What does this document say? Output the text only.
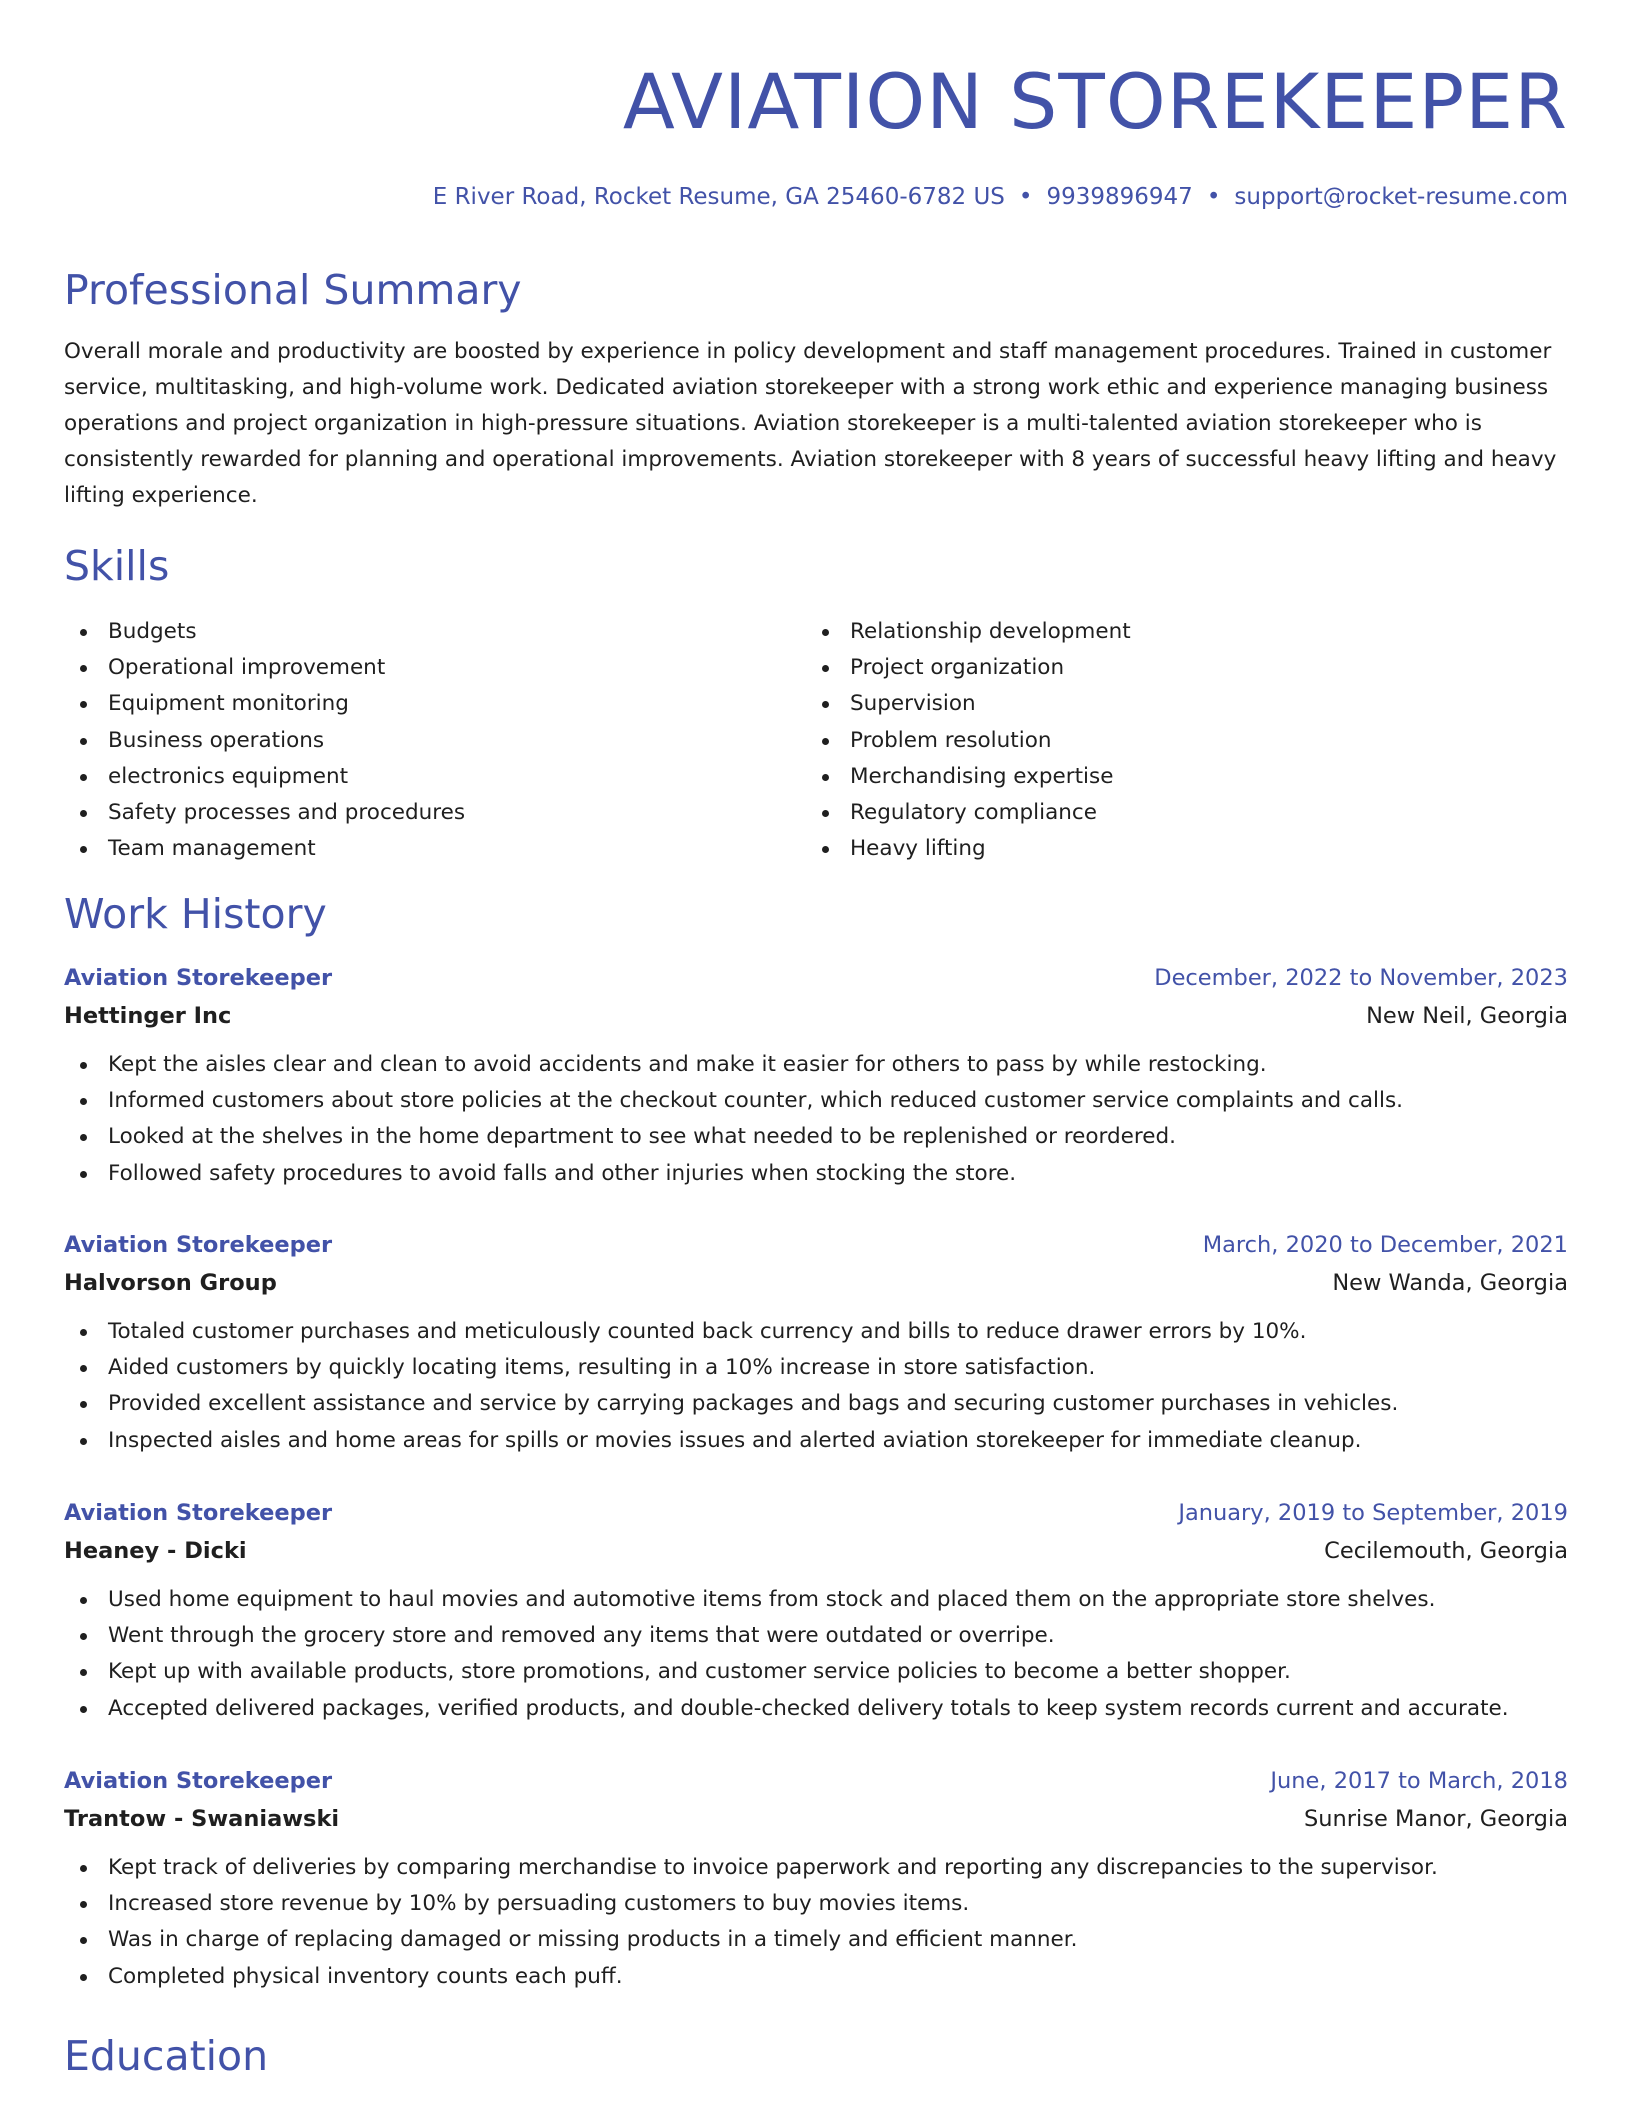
AVIATION STOREKEEPER
E River Road, Rocket Resume, GA 25460-6782 US • 9939896947 • support@rocket-resume.com
Professional Summary

Overall morale and productivity are boosted by experience in policy development and staff management procedures. Trained in customer service, multitasking, and high-volume work. Dedicated aviation storekeeper with a strong work ethic and experience managing business operations and project organization in high-pressure situations. Aviation storekeeper is a multi-talented aviation storekeeper who is consistently rewarded for planning and operational improvements. Aviation storekeeper with 8 years of successful heavy lifting and heavy lifting experience.

Skills
Budgets
Operational improvement
Equipment monitoring
Business operations
electronics equipment
Safety processes and procedures
Team management
Relationship development
Project organization
Supervision
Problem resolution
Merchandising expertise
Regulatory compliance
Heavy lifting
Work History
Aviation Storekeeper	December, 2022 to November, 2023
Hettinger Inc	New Neil, Georgia
Kept the aisles clear and clean to avoid accidents and make it easier for others to pass by while restocking.
Informed customers about store policies at the checkout counter, which reduced customer service complaints and calls.
Looked at the shelves in the home department to see what needed to be replenished or reordered.
Followed safety procedures to avoid falls and other injuries when stocking the store.
Aviation Storekeeper	March, 2020 to December, 2021
Halvorson Group	New Wanda, Georgia
Totaled customer purchases and meticulously counted back currency and bills to reduce drawer errors by 10%.
Aided customers by quickly locating items, resulting in a 10% increase in store satisfaction.
Provided excellent assistance and service by carrying packages and bags and securing customer purchases in vehicles.
Inspected aisles and home areas for spills or movies issues and alerted aviation storekeeper for immediate cleanup.
Aviation Storekeeper	January, 2019 to September, 2019
Heaney - Dicki	Cecilemouth, Georgia
Used home equipment to haul movies and automotive items from stock and placed them on the appropriate store shelves.
Went through the grocery store and removed any items that were outdated or overripe.
Kept up with available products, store promotions, and customer service policies to become a better shopper.
Accepted delivered packages, verified products, and double-checked delivery totals to keep system records current and accurate.
Aviation Storekeeper	June, 2017 to March, 2018
Trantow - Swaniawski	Sunrise Manor, Georgia
Kept track of deliveries by comparing merchandise to invoice paperwork and reporting any discrepancies to the supervisor.
Increased store revenue by 10% by persuading customers to buy movies items.
Was in charge of replacing damaged or missing products in a timely and efficient manner.
Completed physical inventory counts each puff.
Education
